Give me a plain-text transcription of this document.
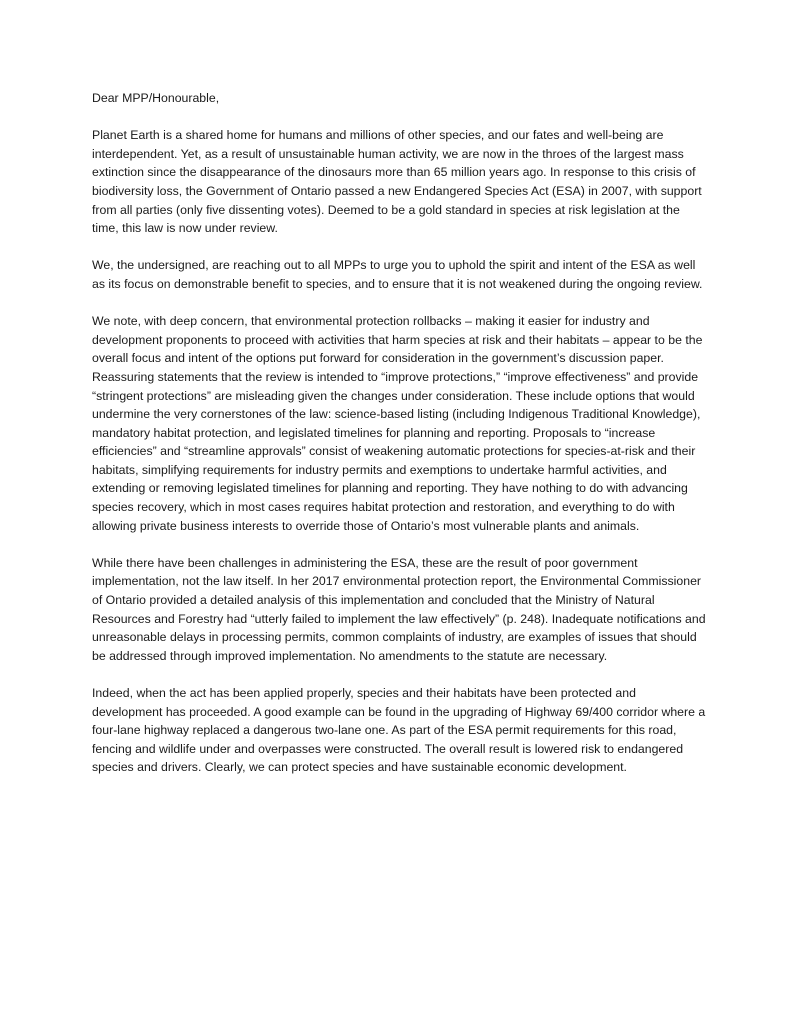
Dear MPP/Honourable,

Planet Earth is a shared home for humans and millions of other species, and our fates and well-being are interdependent. Yet, as a result of unsustainable human activity, we are now in the throes of the largest mass extinction since the disappearance of the dinosaurs more than 65 million years ago. In response to this crisis of biodiversity loss, the Government of Ontario passed a new Endangered Species Act (ESA) in 2007, with support from all parties (only five dissenting votes). Deemed to be a gold standard in species at risk legislation at the time, this law is now under review.

We, the undersigned, are reaching out to all MPPs to urge you to uphold the spirit and intent of the ESA as well as its focus on demonstrable benefit to species, and to ensure that it is not weakened during the ongoing review.

We note, with deep concern, that environmental protection rollbacks – making it easier for industry and development proponents to proceed with activities that harm species at risk and their habitats – appear to be the overall focus and intent of the options put forward for consideration in the government’s discussion paper. Reassuring statements that the review is intended to “improve protections,” “improve effectiveness” and provide “stringent protections” are misleading given the changes under consideration. These include options that would undermine the very cornerstones of the law: science-based listing (including Indigenous Traditional Knowledge), mandatory habitat protection, and legislated timelines for planning and reporting. Proposals to “increase efficiencies” and “streamline approvals” consist of weakening automatic protections for species-at-risk and their habitats, simplifying requirements for industry permits and exemptions to undertake harmful activities, and extending or removing legislated timelines for planning and reporting. They have nothing to do with advancing species recovery, which in most cases requires habitat protection and restoration, and everything to do with allowing private business interests to override those of Ontario’s most vulnerable plants and animals.

While there have been challenges in administering the ESA, these are the result of poor government implementation, not the law itself. In her 2017 environmental protection report, the Environmental Commissioner of Ontario provided a detailed analysis of this implementation and concluded that the Ministry of Natural Resources and Forestry had “utterly failed to implement the law effectively” (p. 248). Inadequate notifications and unreasonable delays in processing permits, common complaints of industry, are examples of issues that should be addressed through improved implementation. No amendments to the statute are necessary.

Indeed, when the act has been applied properly, species and their habitats have been protected and development has proceeded. A good example can be found in the upgrading of Highway 69/400 corridor where a four-lane highway replaced a dangerous two-lane one. As part of the ESA permit requirements for this road, fencing and wildlife under and overpasses were constructed. The overall result is lowered risk to endangered species and drivers. Clearly, we can protect species and have sustainable economic development.
